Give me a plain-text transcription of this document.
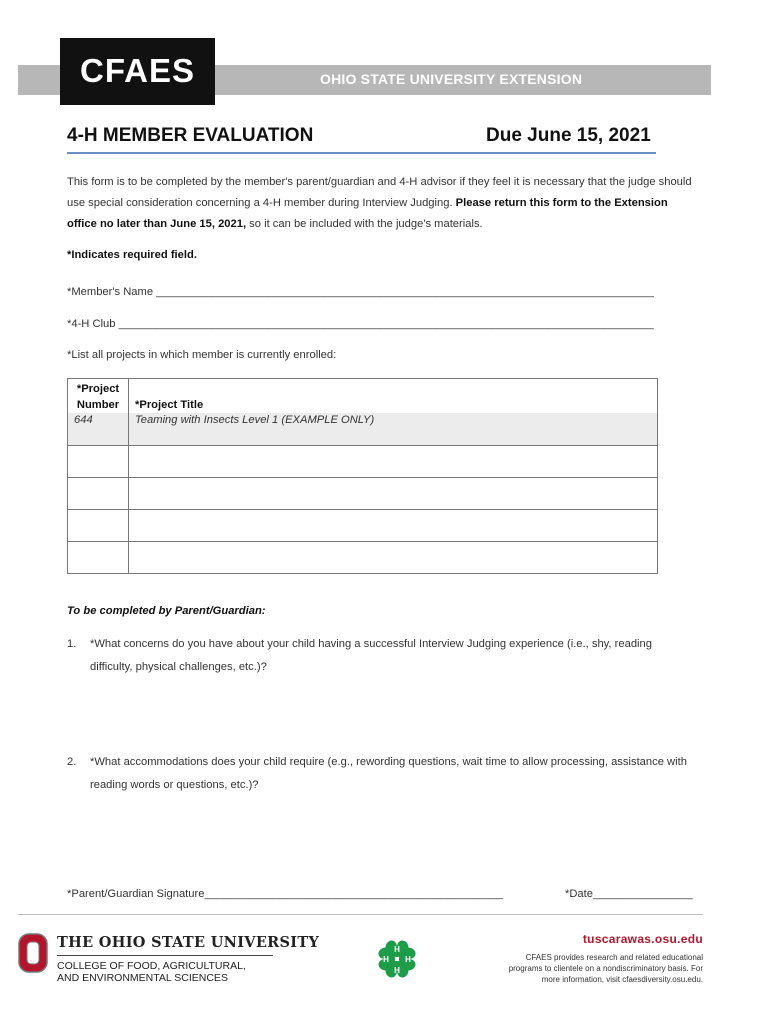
OHIO STATE UNIVERSITY EXTENSION
CFAES
4-H MEMBER EVALUATION	Due June 15, 2021
This form is to be completed by the member's parent/guardian and 4-H advisor if they feel it is necessary that the judge should use special consideration concerning a 4-H member during Interview Judging. Please return this form to the Extension office no later than June 15, 2021, so it can be included with the judge's materials.
*Indicates required field.
*Member's Name ________________________________________________________________________________
*4-H Club ______________________________________________________________________________________
*List all projects in which member is currently enrolled:
*Project
Number	*Project Title
644	Teaming with Insects Level 1 (EXAMPLE ONLY)

To be completed by Parent/Guardian:
1. *What concerns do you have about your child having a successful Interview Judging experience (i.e., shy, reading difficulty, physical challenges, etc.)?
2. *What accommodations does your child require (e.g., rewording questions, wait time to allow processing, assistance with reading words or questions, etc.)?
*Parent/Guardian Signature________________________________________________	*Date________________
THE OHIO STATE UNIVERSITY
COLLEGE OF FOOD, AGRICULTURAL,
AND ENVIRONMENTAL SCIENCES
H
H
H H
tuscarawas.osu.edu
CFAES provides research and related educational
programs to clientele on a nondiscriminatory basis. For
more information, visit cfaesdiversity.osu.edu.
